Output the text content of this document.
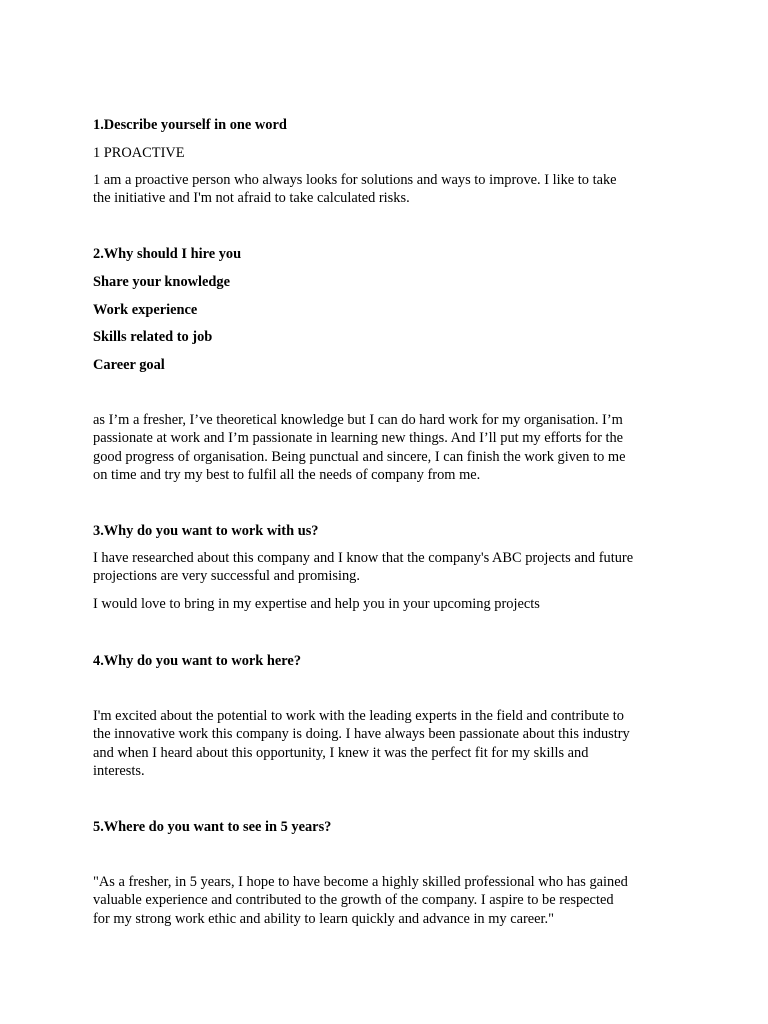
1.Describe yourself in one word

1 PROACTIVE

1 am a proactive person who always looks for solutions and ways to improve. I like to take
the initiative and I'm not afraid to take calculated risks.

2.Why should I hire you

Share your knowledge

Work experience

Skills related to job

Career goal

as I’m a fresher, I’ve theoretical knowledge but I can do hard work for my organisation. I’m
passionate at work and I’m passionate in learning new things. And I’ll put my efforts for the
good progress of organisation. Being punctual and sincere, I can finish the work given to me
on time and try my best to fulfil all the needs of company from me.

3.Why do you want to work with us?

I have researched about this company and I know that the company's ABC projects and future
projections are very successful and promising.

I would love to bring in my expertise and help you in your upcoming projects

4.Why do you want to work here?

I'm excited about the potential to work with the leading experts in the field and contribute to
the innovative work this company is doing. I have always been passionate about this industry
and when I heard about this opportunity, I knew it was the perfect fit for my skills and
interests.

5.Where do you want to see in 5 years?

"As a fresher, in 5 years, I hope to have become a highly skilled professional who has gained
valuable experience and contributed to the growth of the company. I aspire to be respected
for my strong work ethic and ability to learn quickly and advance in my career."
